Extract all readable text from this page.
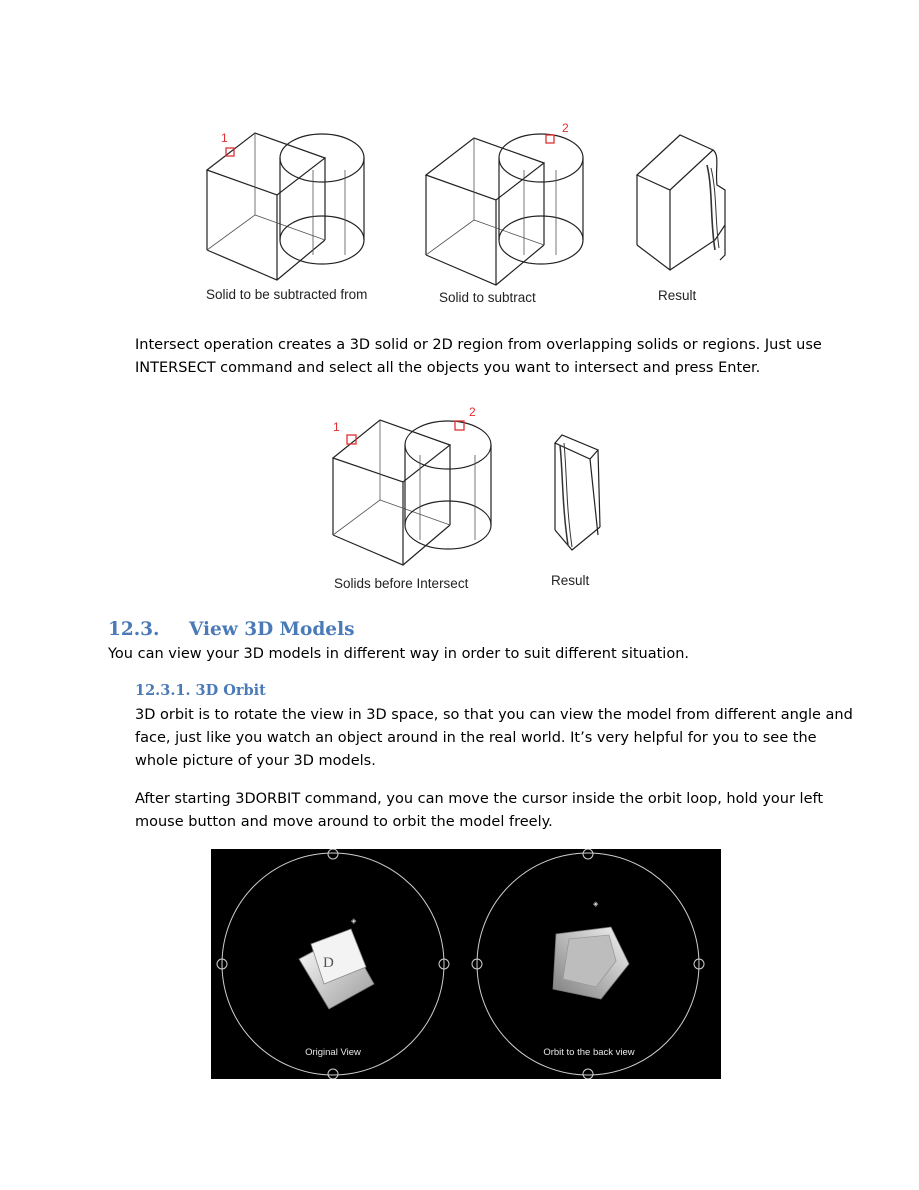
1
2
Solid to be subtracted from	Solid to subtract	Result

Intersect operation creates a 3D solid or 2D region from overlapping solids or regions. Just use INTERSECT command and select all the objects you want to intersect and press Enter.

1
2
Solids before Intersect	Result
12.3. View 3D Models

You can view your 3D models in different way in order to suit different situation.

12.3.1. 3D Orbit

3D orbit is to rotate the view in 3D space, so that you can view the model from different angle and face, just like you watch an object around in the real world. It’s very helpful for you to see the whole picture of your 3D models.

After starting 3DORBIT command, you can move the cursor inside the orbit loop, hold your left mouse button and move around to orbit the model freely.

D
◈
◈
Original View	Orbit to the back view
